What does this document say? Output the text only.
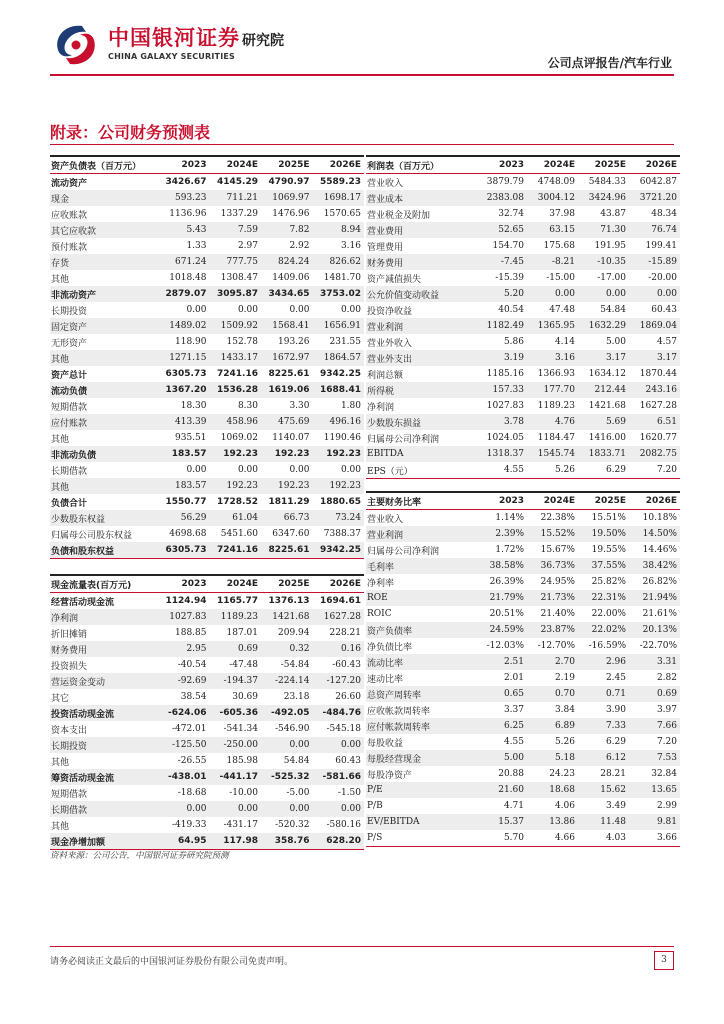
中国银河证券
CHINA GALAXY SECURITIES
研究院
公司点评报告/汽车行业
附录：公司财务预测表
资产负债表（百万元）	2023	2024E	2025E	2026E
流动资产	3426.67	4145.29	4790.97	5589.23
现金	593.23	711.21	1069.97	1698.17
应收账款	1136.96	1337.29	1476.96	1570.65
其它应收款	5.43	7.59	7.82	8.94
预付账款	1.33	2.97	2.92	3.16
存货	671.24	777.75	824.24	826.62
其他	1018.48	1308.47	1409.06	1481.70
非流动资产	2879.07	3095.87	3434.65	3753.02
长期投资	0.00	0.00	0.00	0.00
固定资产	1489.02	1509.92	1568.41	1656.91
无形资产	118.90	152.78	193.26	231.55
其他	1271.15	1433.17	1672.97	1864.57
资产总计	6305.73	7241.16	8225.61	9342.25
流动负债	1367.20	1536.28	1619.06	1688.41
短期借款	18.30	8.30	3.30	1.80
应付账款	413.39	458.96	475.69	496.16
其他	935.51	1069.02	1140.07	1190.46
非流动负债	183.57	192.23	192.23	192.23
长期借款	0.00	0.00	0.00	0.00
其他	183.57	192.23	192.23	192.23
负债合计	1550.77	1728.52	1811.29	1880.65
少数股东权益	56.29	61.04	66.73	73.24
归属母公司股东权益	4698.68	5451.60	6347.60	7388.37
负债和股东权益	6305.73	7241.16	8225.61	9342.25
现金流量表(百万元)	2023	2024E	2025E	2026E
经营活动现金流	1124.94	1165.77	1376.13	1694.61
净利润	1027.83	1189.23	1421.68	1627.28
折旧摊销	188.85	187.01	209.94	228.21
财务费用	2.95	0.69	0.32	0.16
投资损失	-40.54	-47.48	-54.84	-60.43
营运资金变动	-92.69	-194.37	-224.14	-127.20
其它	38.54	30.69	23.18	26.60
投资活动现金流	-624.06	-605.36	-492.05	-484.76
资本支出	-472.01	-541.34	-546.90	-545.18
长期投资	-125.50	-250.00	0.00	0.00
其他	-26.55	185.98	54.84	60.43
筹资活动现金流	-438.01	-441.17	-525.32	-581.66
短期借款	-18.68	-10.00	-5.00	-1.50
长期借款	0.00	0.00	0.00	0.00
其他	-419.33	-431.17	-520.32	-580.16
现金净增加额	64.95	117.98	358.76	628.20
利润表（百万元）	2023	2024E	2025E	2026E
营业收入	3879.79	4748.09	5484.33	6042.87
营业成本	2383.08	3004.12	3424.96	3721.20
营业税金及附加	32.74	37.98	43.87	48.34
营业费用	52.65	63.15	71.30	76.74
管理费用	154.70	175.68	191.95	199.41
财务费用	-7.45	-8.21	-10.35	-15.89
资产减值损失	-15.39	-15.00	-17.00	-20.00
公允价值变动收益	5.20	0.00	0.00	0.00
投资净收益	40.54	47.48	54.84	60.43
营业利润	1182.49	1365.95	1632.29	1869.04
营业外收入	5.86	4.14	5.00	4.57
营业外支出	3.19	3.16	3.17	3.17
利润总额	1185.16	1366.93	1634.12	1870.44
所得税	157.33	177.70	212.44	243.16
净利润	1027.83	1189.23	1421.68	1627.28
少数股东损益	3.78	4.76	5.69	6.51
归属母公司净利润	1024.05	1184.47	1416.00	1620.77
EBITDA	1318.37	1545.74	1833.71	2082.75
EPS（元）	4.55	5.26	6.29	7.20
主要财务比率	2023	2024E	2025E	2026E
营业收入	1.14%	22.38%	15.51%	10.18%
营业利润	2.39%	15.52%	19.50%	14.50%
归属母公司净利润	1.72%	15.67%	19.55%	14.46%
毛利率	38.58%	36.73%	37.55%	38.42%
净利率	26.39%	24.95%	25.82%	26.82%
ROE	21.79%	21.73%	22.31%	21.94%
ROIC	20.51%	21.40%	22.00%	21.61%
资产负债率	24.59%	23.87%	22.02%	20.13%
净负债比率	-12.03%	-12.70%	-16.59%	-22.70%
流动比率	2.51	2.70	2.96	3.31
速动比率	2.01	2.19	2.45	2.82
总资产周转率	0.65	0.70	0.71	0.69
应收帐款周转率	3.37	3.84	3.90	3.97
应付帐款周转率	6.25	6.89	7.33	7.66
每股收益	4.55	5.26	6.29	7.20
每股经营现金	5.00	5.18	6.12	7.53
每股净资产	20.88	24.23	28.21	32.84
P/E	21.60	18.68	15.62	13.65
P/B	4.71	4.06	3.49	2.99
EV/EBITDA	15.37	13.86	11.48	9.81
P/S	5.70	4.66	4.03	3.66
资料来源：公司公告，中国银河证券研究院预测
请务必阅读正文最后的中国银河证券股份有限公司免责声明。	3
